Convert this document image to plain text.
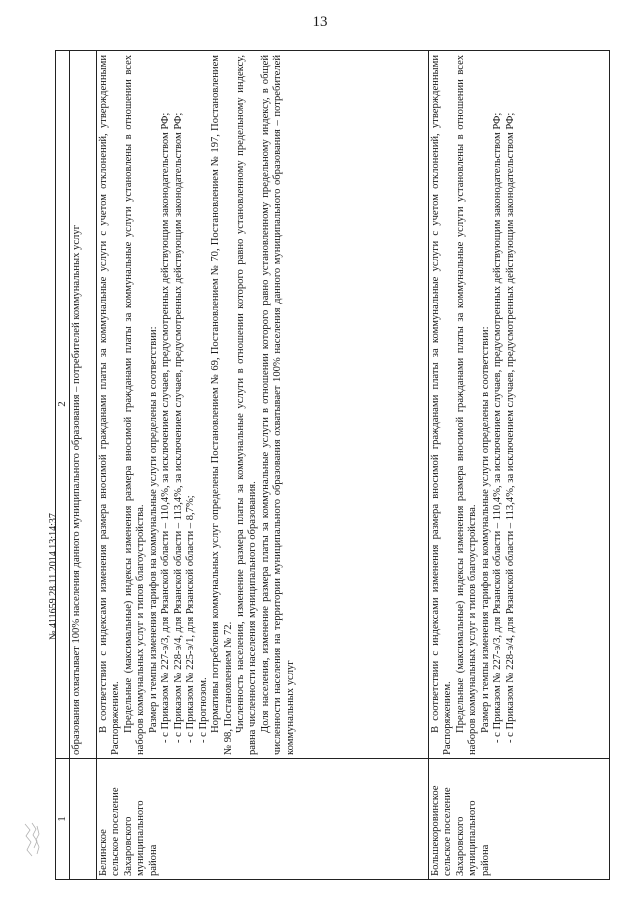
13
1
2 образования охватывает 100% населения данного муниципального образования – потребителей коммунальных услуг

Белинское сельское поселение Захаровского муниципального района

В соответствии с индексами изменения размера вносимой гражданами платы за коммунальные услуги с учетом отклонений, утвержденными Распоряжением. Предельные (максимальные) индексы изменения размера вносимой гражданами платы за коммунальные услуги установлены в отношении всех наборов коммунальных услуг и типов благоустройства. Размер и темпы изменения тарифов на коммунальные услуги определены в соответствии: - с Приказом № 227-э/3, для Рязанской области – 110,4%, за исключением случаев, предусмотренных действующим законодательством РФ; - с Приказом № 228-э/4, для Рязанской области – 113,4%, за исключением случаев, предусмотренных действующим законодательством РФ; - с Приказом № 225-э/1, для Рязанской области – 8,7%; - с Прогнозом. Нормативы потребления коммунальных услуг определены Постановлением № 69, Постановлением № 70, Постановлением № 197, Постановлением № 98, Постановлением № 72. Численность населения, изменение размера платы за коммунальные услуги в отношении которого равно установленному предельному индексу, равна численности населения муниципального образования. Доля населения, изменение размера платы за коммунальные услуги в отношении которого равно установленному предельному индексу, в общей численности населения на территории муниципального образования охватывает 100% населения данного муниципального образования – потребителей коммунальных услуг

Большекоровинское сельское поселение Захаровского муниципального района

В соответствии с индексами изменения размера вносимой гражданами платы за коммунальные услуги с учетом отклонений, утвержденными Распоряжением. Предельные (максимальные) индексы изменения размера вносимой гражданами платы за коммунальные услуги установлены в отношении всех наборов коммунальных услуг и типов благоустройства. Размер и темпы изменения тарифов на коммунальные услуги определены в соответствии: - с Приказом № 227-э/3, для Рязанской области – 110,4%, за исключением случаев, предусмотренных действующим законодательством РФ; - с Приказом № 228-э/4, для Рязанской области – 113,4%, за исключением случаев, предусмотренных действующим законодательством РФ;

№ 411659 28.11.2014 13:14:37
